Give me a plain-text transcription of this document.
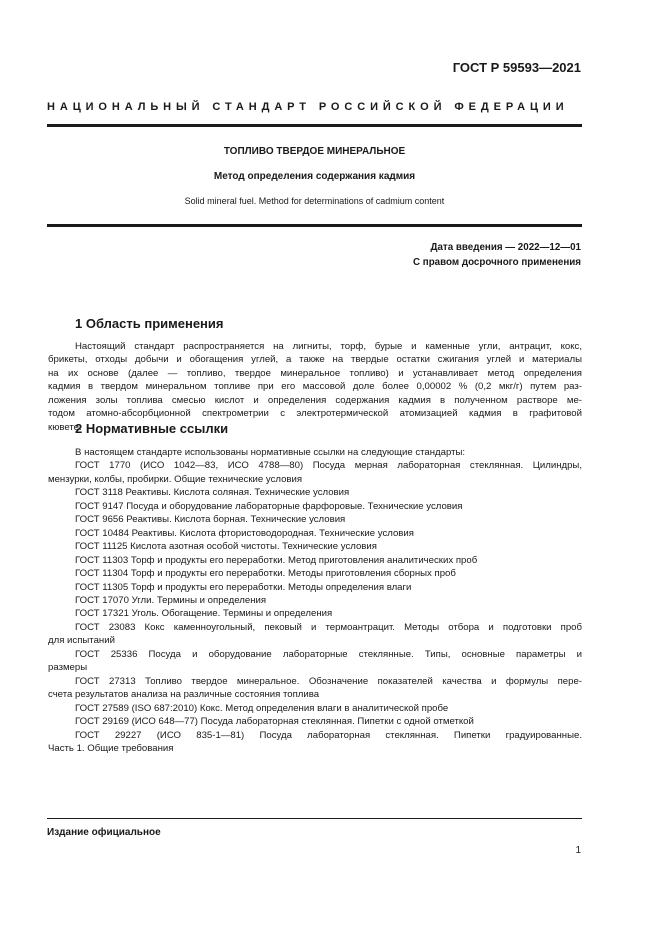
ГОСТ Р 59593—2021
НАЦИОНАЛЬНЫЙ СТАНДАРТ РОССИЙСКОЙ ФЕДЕРАЦИИ
ТОПЛИВО ТВЕРДОЕ МИНЕРАЛЬНОЕ
Метод определения содержания кадмия
Solid mineral fuel. Method for determinations of cadmium content
Дата введения — 2022—12—01
С правом досрочного применения
1 Область применения
Настоящий стандарт распространяется на лигниты, торф, бурые и каменные угли, антрацит, кокс,
брикеты, отходы добычи и обогащения углей, а также на твердые остатки сжигания углей и материалы
на их основе (далее — топливо, твердое минеральное топливо) и устанавливает метод определения
кадмия в твердом минеральном топливе при его массовой доле более 0,00002 % (0,2 мкг/г) путем раз-
ложения золы топлива смесью кислот и определения содержания кадмия в полученном растворе ме-
тодом атомно-абсорбционной спектрометрии с электротермической атомизацией кадмия в графитовой
кювете.
2 Нормативные ссылки
В настоящем стандарте использованы нормативные ссылки на следующие стандарты:
ГОСТ 1770 (ИСО 1042—83, ИСО 4788—80) Посуда мерная лабораторная стеклянная. Цилиндры,
мензурки, колбы, пробирки. Общие технические условия
ГОСТ 3118 Реактивы. Кислота соляная. Технические условия
ГОСТ 9147 Посуда и оборудование лабораторные фарфоровые. Технические условия
ГОСТ 9656 Реактивы. Кислота борная. Технические условия
ГОСТ 10484 Реактивы. Кислота фтористоводородная. Технические условия
ГОСТ 11125 Кислота азотная особой чистоты. Технические условия
ГОСТ 11303 Торф и продукты его переработки. Метод приготовления аналитических проб
ГОСТ 11304 Торф и продукты его переработки. Методы приготовления сборных проб
ГОСТ 11305 Торф и продукты его переработки. Методы определения влаги
ГОСТ 17070 Угли. Термины и определения
ГОСТ 17321 Уголь. Обогащение. Термины и определения
ГОСТ 23083 Кокс каменноугольный, пековый и термоантрацит. Методы отбора и подготовки проб
для испытаний
ГОСТ 25336 Посуда и оборудование лабораторные стеклянные. Типы, основные параметры и
размеры
ГОСТ 27313 Топливо твердое минеральное. Обозначение показателей качества и формулы пере-
счета результатов анализа на различные состояния топлива
ГОСТ 27589 (ISO 687:2010) Кокс. Метод определения влаги в аналитической пробе
ГОСТ 29169 (ИСО 648—77) Посуда лабораторная стеклянная. Пипетки с одной отметкой
ГОСТ 29227 (ИСО 835-1—81) Посуда лабораторная стеклянная. Пипетки градуированные.
Часть 1. Общие требования
Издание официальное
1
